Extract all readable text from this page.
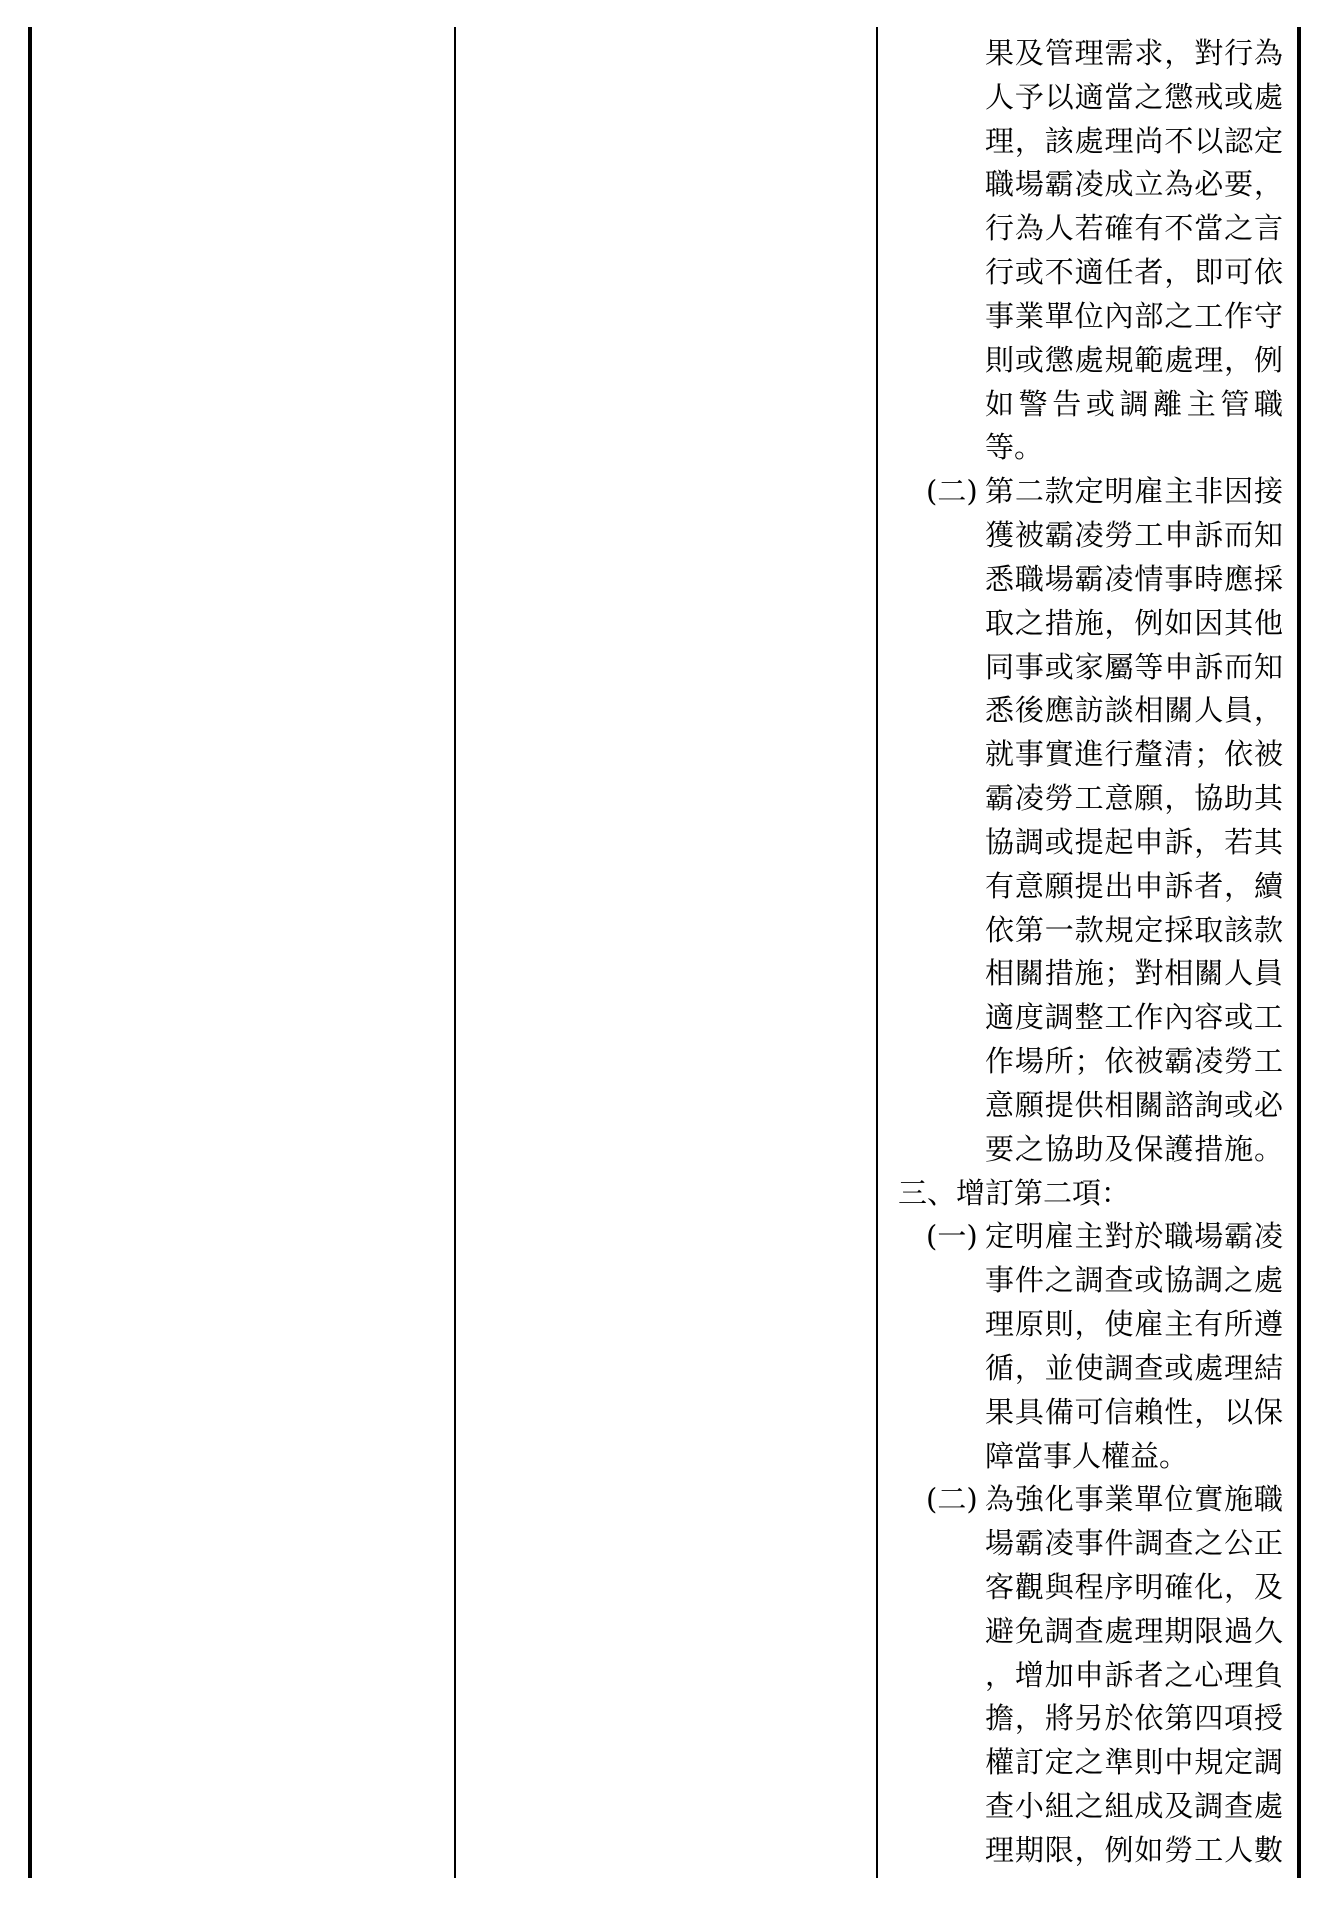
果及管理需求，對行為
人予以適當之懲戒或處
理，該處理尚不以認定
職場霸凌成立為必要，
行為人若確有不當之言
行或不適任者，即可依
事業單位內部之工作守
則或懲處規範處理，例
如警告或調離主管職
等。
(二) 第二款定明雇主非因接
獲被霸凌勞工申訴而知
悉職場霸凌情事時應採
取之措施，例如因其他
同事或家屬等申訴而知
悉後應訪談相關人員，
就事實進行釐清；依被
霸凌勞工意願，協助其
協調或提起申訴，若其
有意願提出申訴者，續
依第一款規定採取該款
相關措施；對相關人員
適度調整工作內容或工
作場所；依被霸凌勞工
意願提供相關諮詢或必
要之協助及保護措施。
三、增訂第二項：
(一) 定明雇主對於職場霸凌
事件之調查或協調之處
理原則，使雇主有所遵
循，並使調查或處理結
果具備可信賴性，以保
障當事人權益。
(二) 為強化事業單位實施職
場霸凌事件調查之公正
客觀與程序明確化，及
避免調查處理期限過久
，增加申訴者之心理負
擔，將另於依第四項授
權訂定之準則中規定調
查小組之組成及調查處
理期限，例如勞工人數
